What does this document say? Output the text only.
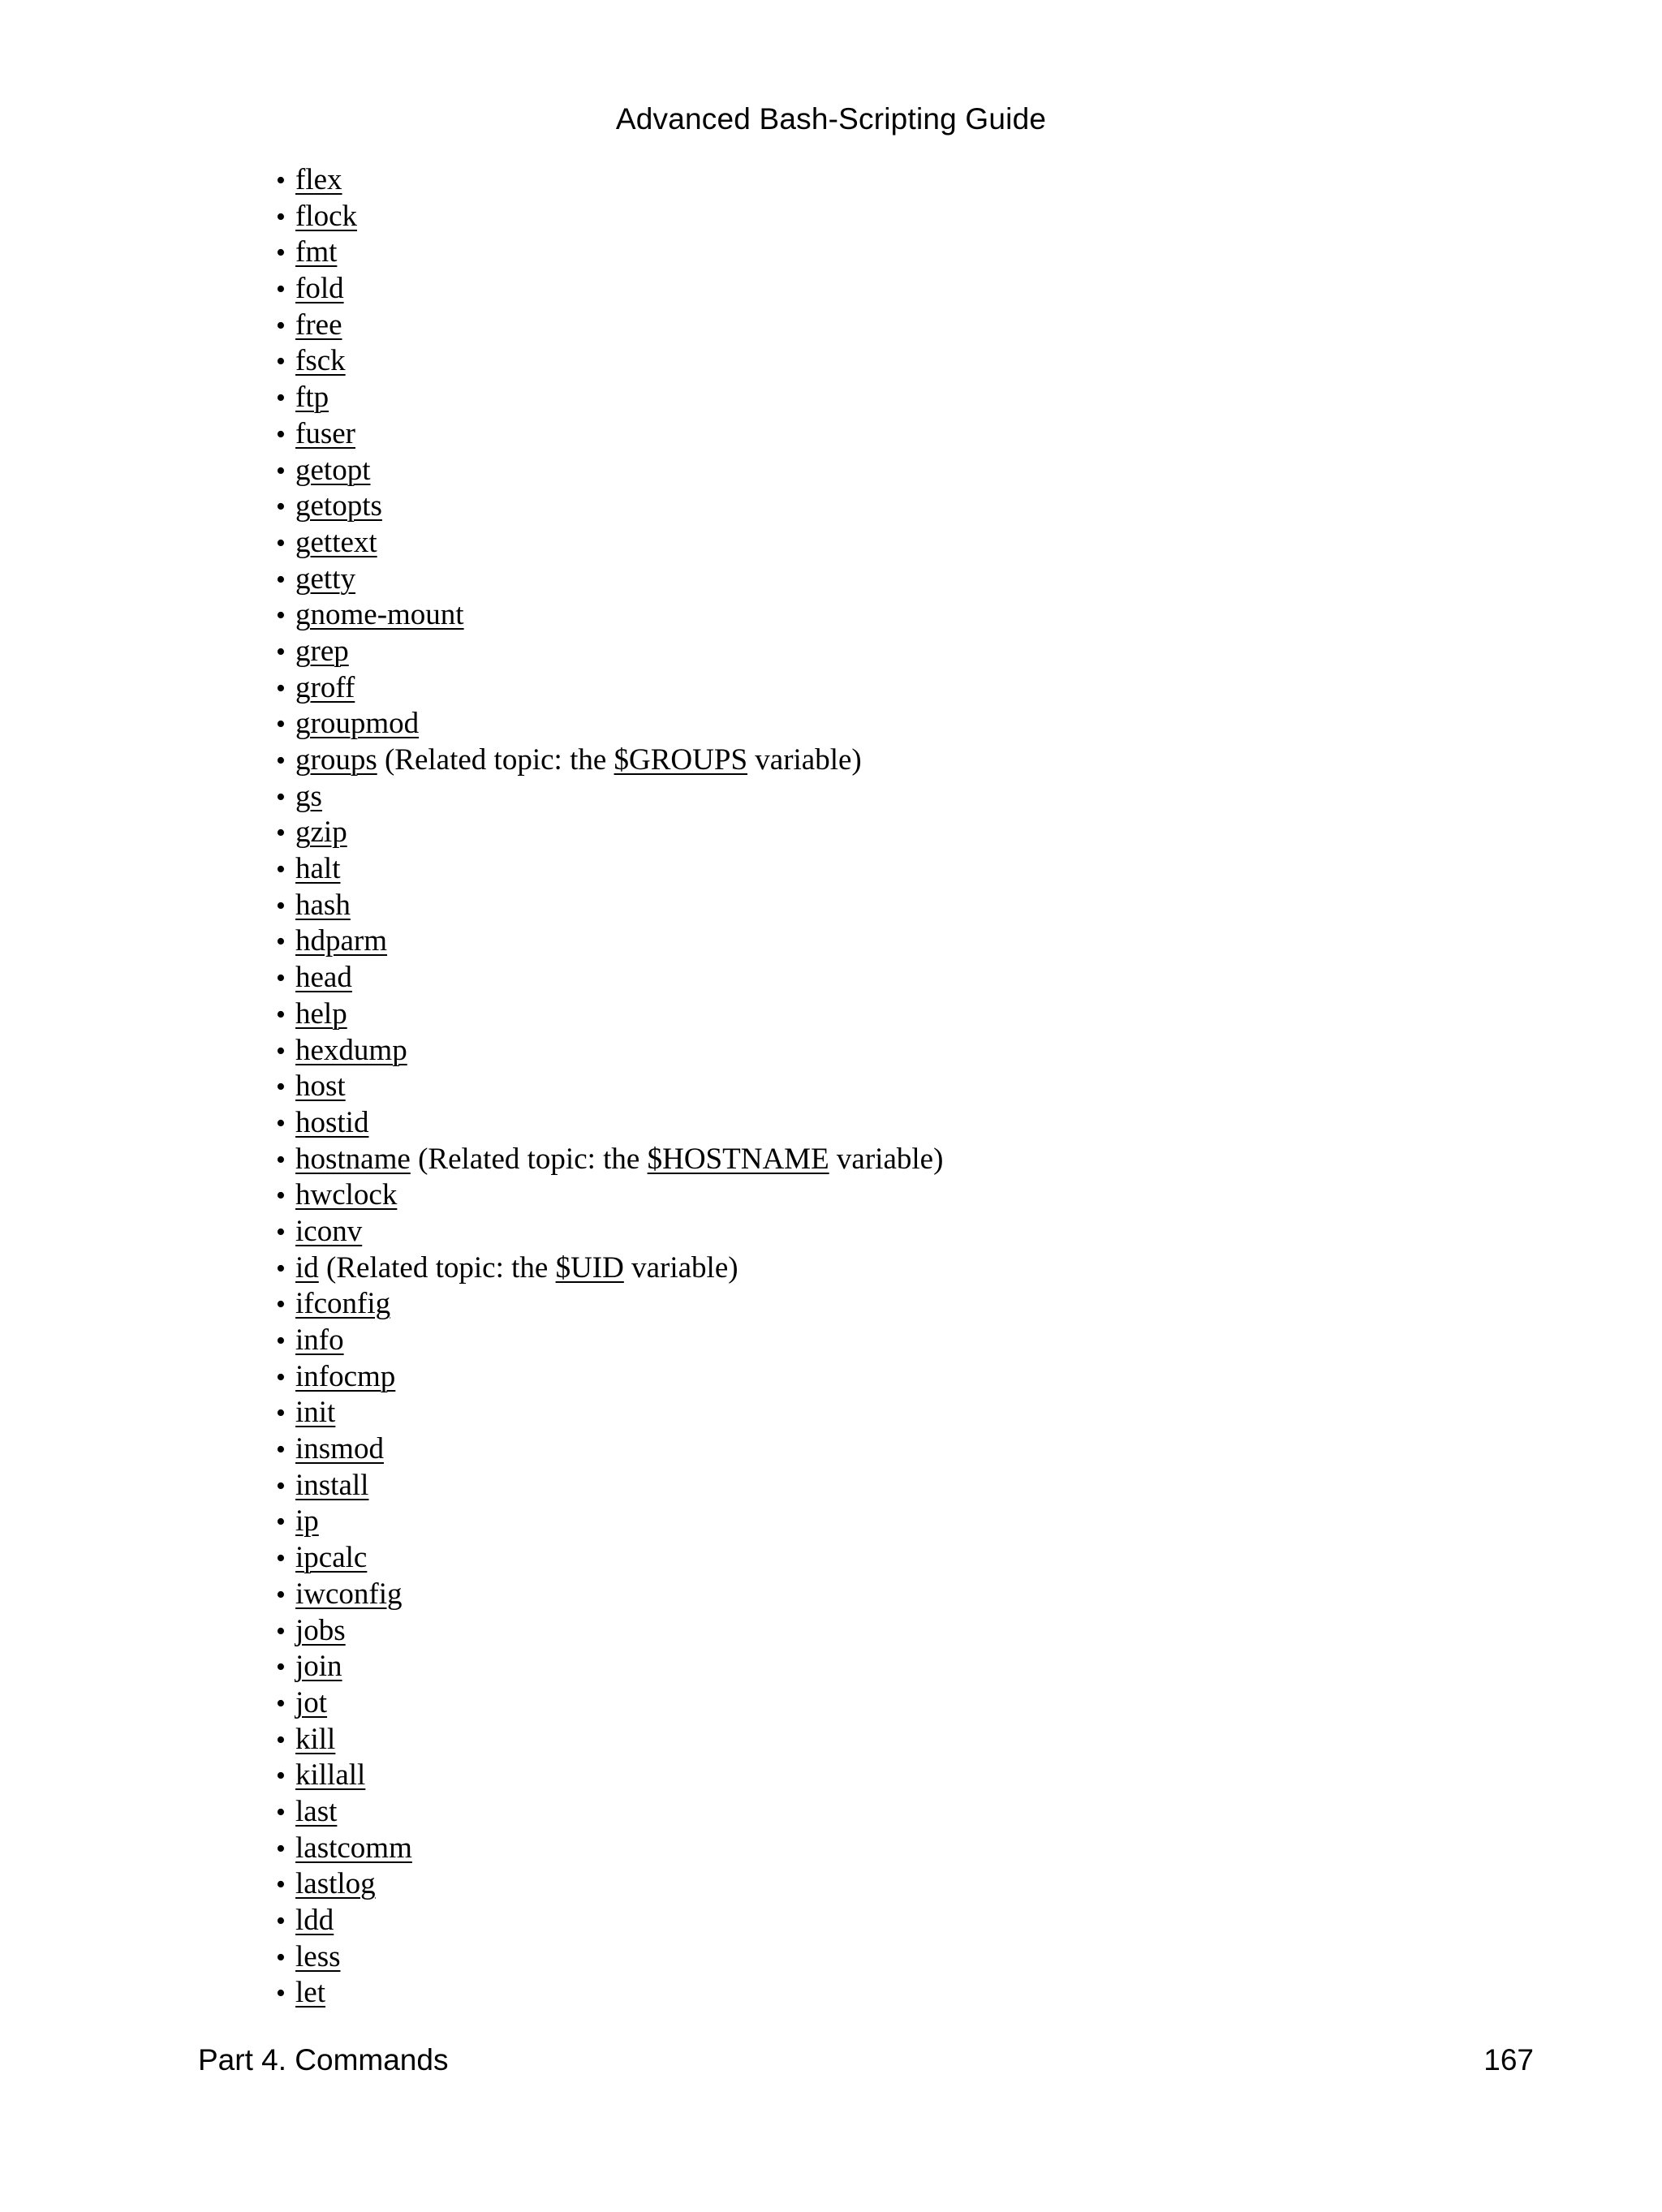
Advanced Bash-Scripting Guide
• flex
• flock
• fmt
• fold
• free
• fsck
• ftp
• fuser
• getopt
• getopts
• gettext
• getty
• gnome-mount
• grep
• groff
• groupmod
• groups (Related topic: the $GROUPS variable)
• gs
• gzip
• halt
• hash
• hdparm
• head
• help
• hexdump
• host
• hostid
• hostname (Related topic: the $HOSTNAME variable)
• hwclock
• iconv
• id (Related topic: the $UID variable)
• ifconfig
• info
• infocmp
• init
• insmod
• install
• ip
• ipcalc
• iwconfig
• jobs
• join
• jot
• kill
• killall
• last
• lastcomm
• lastlog
• ldd
• less
• let
Part 4. Commands	167
